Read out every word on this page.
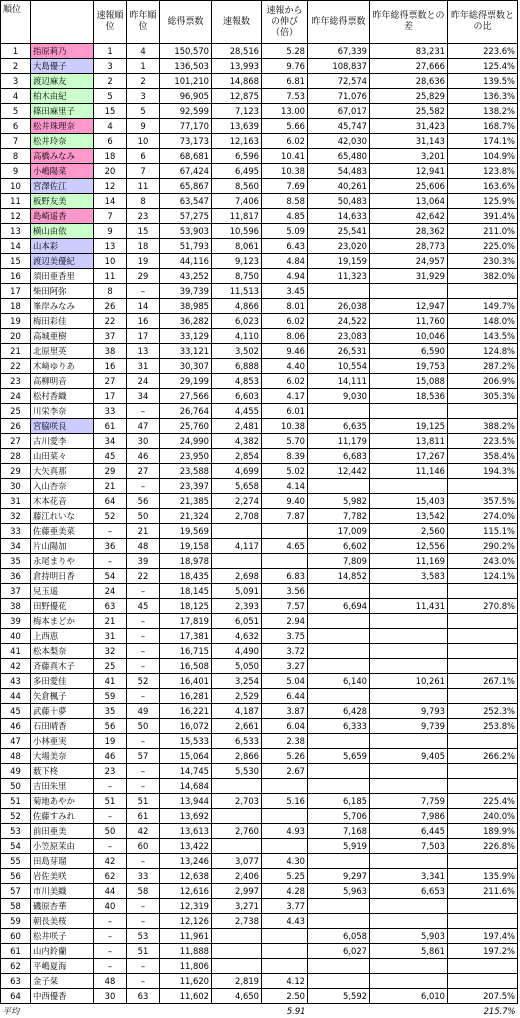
順位		速報順位	昨年順位	総得票数	速報数	速報からの伸び（倍）	昨年総得票数	昨年総得票数との差	昨年総得票数との比
1	指原莉乃	1	4	150,570	28,516	5.28	67,339	83,231	223.6%
2	大島優子	3	1	136,503	13,993	9.76	108,837	27,666	125.4%
3	渡辺麻友	2	2	101,210	14,868	6.81	72,574	28,636	139.5%
4	柏木由紀	5	3	96,905	12,875	7.53	71,076	25,829	136.3%
5	篠田麻里子	15	5	92,599	7,123	13.00	67,017	25,582	138.2%
6	松井珠理奈	4	9	77,170	13,639	5.66	45,747	31,423	168.7%
7	松井玲奈	6	10	73,173	12,163	6.02	42,030	31,143	174.1%
8	高橋みなみ	18	6	68,681	6,596	10.41	65,480	3,201	104.9%
9	小嶋陽菜	20	7	67,424	6,495	10.38	54,483	12,941	123.8%
10	宮澤佐江	12	11	65,867	8,560	7.69	40,261	25,606	163.6%
11	板野友美	14	8	63,547	7,406	8.58	50,483	13,064	125.9%
12	島崎遥香	7	23	57,275	11,817	4.85	14,633	42,642	391.4%
13	横山由依	9	15	53,903	10,596	5.09	25,541	28,362	211.0%
14	山本彩	13	18	51,793	8,061	6.43	23,020	28,773	225.0%
15	渡辺美優紀	10	19	44,116	9,123	4.84	19,159	24,957	230.3%
16	須田亜香里	11	29	43,252	8,750	4.94	11,323	31,929	382.0%
17	柴田阿弥	8	–	39,739	11,513	3.45			
18	峯岸みなみ	26	14	38,985	4,866	8.01	26,038	12,947	149.7%
19	梅田彩佳	22	16	36,282	6,023	6.02	24,522	11,760	148.0%
20	高城亜樹	37	17	33,129	4,110	8.06	23,083	10,046	143.5%
21	北原里英	38	13	33,121	3,502	9.46	26,531	6,590	124.8%
22	木﨑ゆりあ	16	31	30,307	6,888	4.40	10,554	19,753	287.2%
23	高柳明音	27	24	29,199	4,853	6.02	14,111	15,088	206.9%
24	松村香織	17	34	27,566	6,603	4.17	9,030	18,536	305.3%
25	川栄李奈	33	–	26,764	4,455	6.01			
26	宮脇咲良	61	47	25,760	2,481	10.38	6,635	19,125	388.2%
27	古川愛李	34	30	24,990	4,382	5.70	11,179	13,811	223.5%
28	山田菜々	45	46	23,950	2,854	8.39	6,683	17,267	358.4%
29	大矢真那	29	27	23,588	4,699	5.02	12,442	11,146	194.3%
30	入山杏奈	21	–	23,397	5,658	4.14			
31	木本花音	64	56	21,385	2,274	9.40	5,982	15,403	357.5%
32	藤江れいな	52	50	21,324	2,708	7.87	7,782	13,542	274.0%
33	佐藤亜美菜	–	21	19,569			17,009	2,560	115.1%
34	片山陽加	36	48	19,158	4,117	4.65	6,602	12,556	290.2%
35	永尾まりや	–	39	18,978			7,809	11,169	243.0%
36	倉持明日香	54	22	18,435	2,698	6.83	14,852	3,583	124.1%
37	兒玉遥	24	–	18,145	5,091	3.56			
38	田野優花	63	45	18,125	2,393	7.57	6,694	11,431	270.8%
39	梅本まどか	21	–	17,819	6,051	2.94			
40	上西恵	31	–	17,381	4,632	3.75			
41	松本梨奈	32	–	16,715	4,490	3.72			
42	斉藤真木子	25	–	16,508	5,050	3.27			
43	多田愛佳	41	52	16,401	3,254	5.04	6,140	10,261	267.1%
44	矢倉楓子	59	–	16,281	2,529	6.44			
45	武藤十夢	35	49	16,221	4,187	3.87	6,428	9,793	252.3%
46	石田晴香	56	50	16,072	2,661	6.04	6,333	9,739	253.8%
47	小林亜実	19	–	15,533	6,533	2.38			
48	大場美奈	46	57	15,064	2,866	5.26	5,659	9,405	266.2%
49	薮下柊	23	–	14,745	5,530	2.67			
50	吉田朱里	–	–	14,684					
51	菊地あやか	51	51	13,944	2,703	5.16	6,185	7,759	225.4%
52	佐藤すみれ	–	61	13,692			5,706	7,986	240.0%
53	前田亜美	50	42	13,613	2,760	4.93	7,168	6,445	189.9%
54	小笠原茉由	–	60	13,422			5,919	7,503	226.8%
55	田島芽瑠	42	–	13,246	3,077	4.30			
56	岩佐美咲	62	33	12,638	2,406	5.25	9,297	3,341	135.9%
57	市川美織	44	58	12,616	2,997	4.28	5,963	6,653	211.6%
58	磯原杏華	40	–	12,319	3,271	3.77			
59	朝長美桜	–	–	12,126	2,738	4.43			
60	松井咲子	–	53	11,961			6,058	5,903	197.4%
61	山内鈴蘭	–	51	11,888			6,027	5,861	197.2%
62	平嶋夏海	–	–	11,806					
63	金子栞	48	–	11,620	2,819	4.12			
64	中西優香	30	63	11,602	4,650	2.50	5,592	6,010	207.5%
平均						5.91			215.7%
